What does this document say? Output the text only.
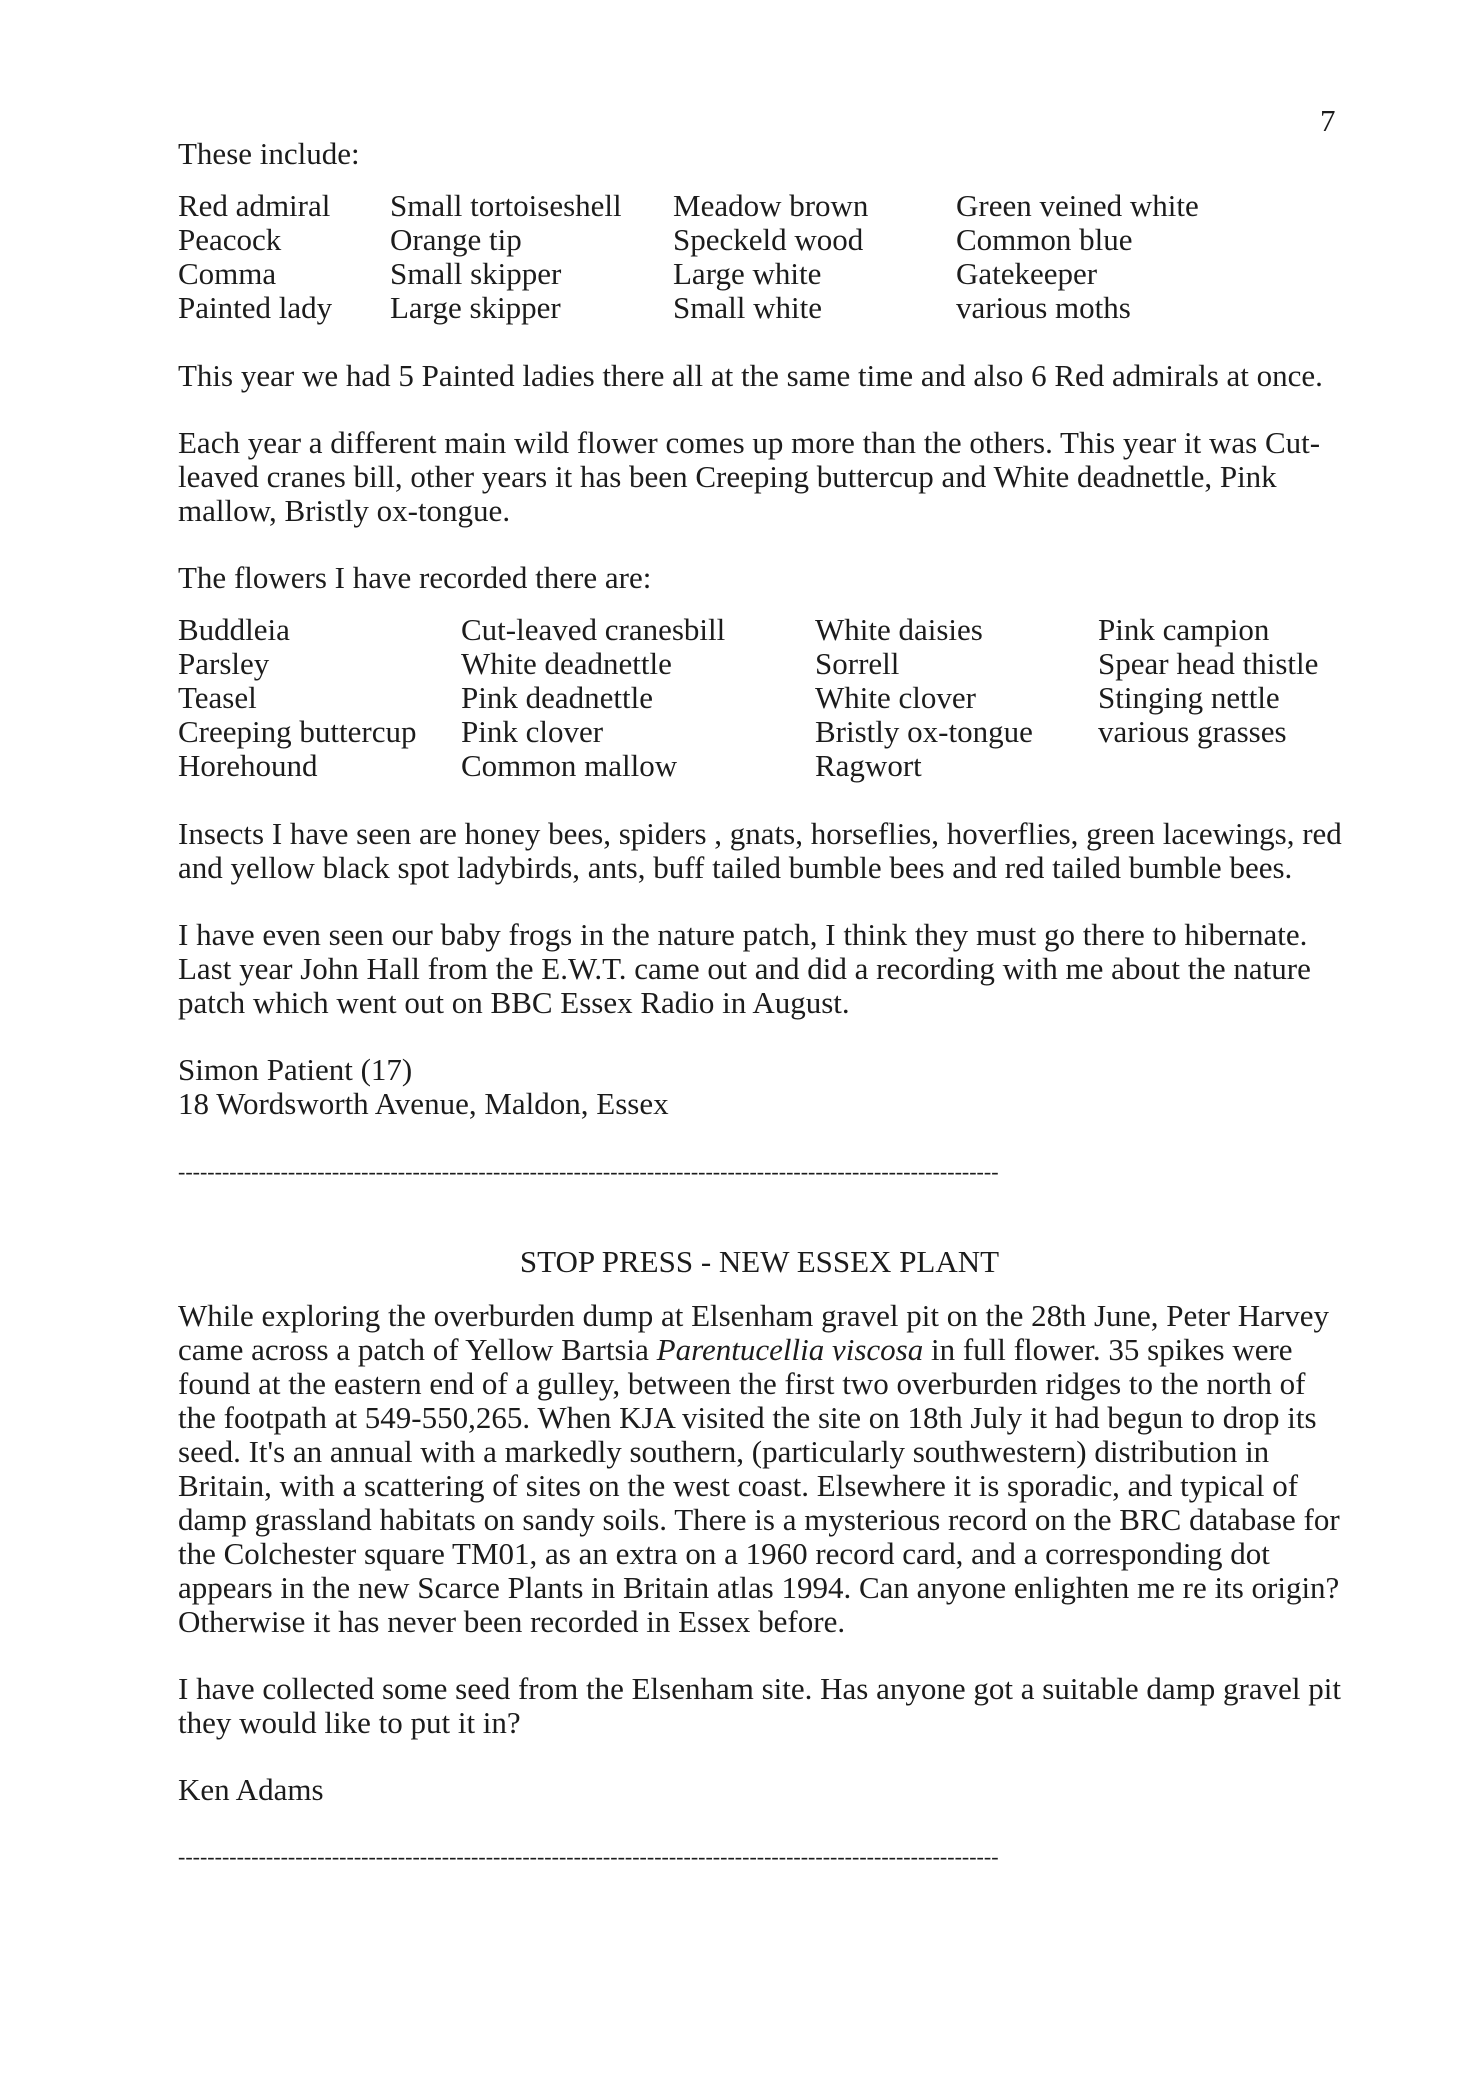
7

These include:

Red admiral	Small tortoiseshell	Meadow brown	Green veined white
Peacock	Orange tip	Speckeld wood	Common blue
Comma	Small skipper	Large white	Gatekeeper
Painted lady	Large skipper	Small white	various moths

This year we had 5 Painted ladies there all at the same time and also 6 Red admirals at once.

Each year a different main wild flower comes up more than the others. This year it was Cut-leaved cranes bill, other years it has been Creeping buttercup and White deadnettle, Pink mallow, Bristly ox-tongue.

The flowers I have recorded there are:

Buddleia	Cut-leaved cranesbill	White daisies	Pink campion
Parsley	White deadnettle	Sorrell	Spear head thistle
Teasel	Pink deadnettle	White clover	Stinging nettle
Creeping buttercup	Pink clover	Bristly ox-tongue	various grasses
Horehound	Common mallow	Ragwort

Insects I have seen are honey bees, spiders , gnats, horseflies, hoverflies, green lacewings, red and yellow black spot ladybirds, ants, buff tailed bumble bees and red tailed bumble bees.

I have even seen our baby frogs in the nature patch, I think they must go there to hibernate. Last year John Hall from the E.W.T. came out and did a recording with me about the nature patch which went out on BBC Essex Radio in August.

Simon Patient (17)

18 Wordsworth Avenue, Maldon, Essex

----------------------------------------------------------------------------------------------------------------

STOP PRESS - NEW ESSEX PLANT

While exploring the overburden dump at Elsenham gravel pit on the 28th June, Peter Harvey came across a patch of Yellow Bartsia Parentucellia viscosa in full flower. 35 spikes were found at the eastern end of a gulley, between the first two overburden ridges to the north of the footpath at 549-550,265. When KJA visited the site on 18th July it had begun to drop its seed. It's an annual with a markedly southern, (particularly southwestern) distribution in Britain, with a scattering of sites on the west coast. Elsewhere it is sporadic, and typical of damp grassland habitats on sandy soils. There is a mysterious record on the BRC database for the Colchester square TM01, as an extra on a 1960 record card, and a corresponding dot appears in the new Scarce Plants in Britain atlas 1994. Can anyone enlighten me re its origin? Otherwise it has never been recorded in Essex before.

I have collected some seed from the Elsenham site. Has anyone got a suitable damp gravel pit they would like to put it in?

Ken Adams

----------------------------------------------------------------------------------------------------------------
